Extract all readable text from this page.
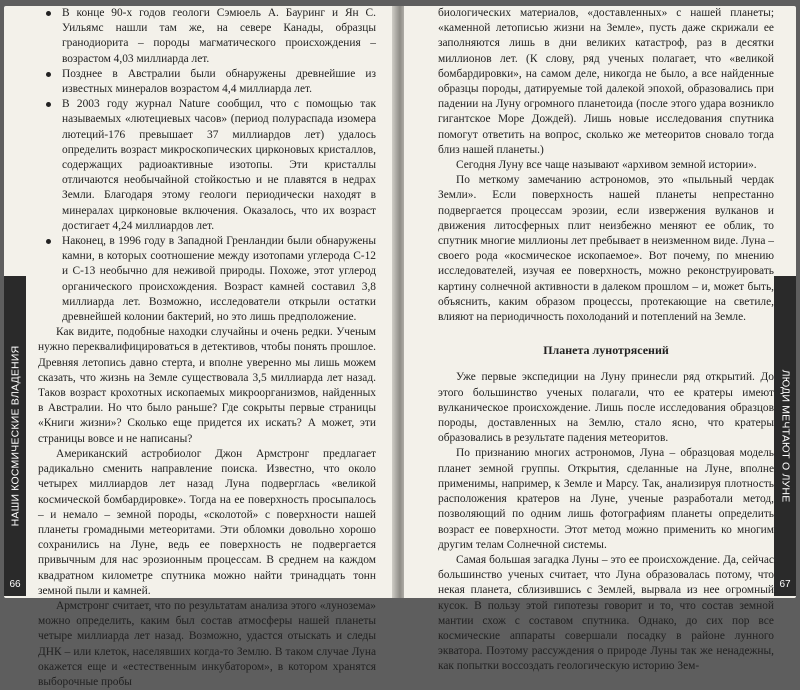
В конце 90-х годов геологи Сэмюель А. Бауринг и Ян С. Уильямс нашли там же, на севере Канады, образцы гранодиорита – породы магматического происхождения – возрастом 4,03 миллиарда лет.
Позднее в Австралии были обнаружены древнейшие из известных минералов возрастом 4,4 миллиарда лет.
В 2003 году журнал Nature сообщил, что с помощью так называемых «лютециевых часов» (период полураспада изомера лютеций-176 превышает 37 миллиардов лет) удалось определить возраст микроскопических цирконовых кристаллов, содержащих радиоактивные изотопы. Эти кристаллы отличаются необычайной стойкостью и не плавятся в недрах Земли. Благодаря этому геологи периодически находят в минералах цирконовые включения. Оказалось, что их возраст достигает 4,24 миллиардов лет.
Наконец, в 1996 году в Западной Гренландии были обнаружены камни, в которых соотношение между изотопами углерода С-12 и С-13 необычно для неживой природы. Похоже, этот углерод органического происхождения. Возраст камней составил 3,8 миллиарда лет. Возможно, исследователи открыли остатки древнейшей колонии бактерий, но это лишь предположение.

Как видите, подобные находки случайны и очень редки. Ученым нужно переквалифицироваться в детективов, чтобы понять прошлое. Древняя летопись давно стерта, и вполне уверенно мы лишь можем сказать, что жизнь на Земле существовала 3,5 миллиарда лет назад. Таков возраст крохотных ископаемых микроорганизмов, найденных в Австралии. Но что было раньше? Где сокрыты первые страницы «Книги жизни»? Сколько еще придется их искать? А может, эти страницы вовсе и не написаны?

Американский астробиолог Джон Армстронг предлагает радикально сменить направление поиска. Известно, что около четырех миллиардов лет назад Луна подверглась «великой космической бомбардировке». Тогда на ее поверхность просыпалось – и немало – земной породы, «сколотой» с поверхности нашей планеты громадными метеоритами. Эти обломки довольно хорошо сохранились на Луне, ведь ее поверхность не подвергается привычным для нас эрозионным процессам. В среднем на каждом квадратном километре спутника можно найти тринадцать тонн земной пыли и камней.

Армстронг считает, что по результатам анализа этого «лунозема» можно определить, каким был состав атмосферы нашей планеты четыре миллиарда лет назад. Возможно, удастся отыскать и следы ДНК – или клеток, населявших когда-то Землю. В таком случае Луна окажется еще и «естественным инкубатором», в котором хранятся выборочные пробы

НАШИ КОСМИЧЕСКИЕ ВЛАДЕНИЯ
66

биологических материалов, «доставленных» с нашей планеты; «каменной летописью жизни на Земле», пусть даже скрижали ее заполняются лишь в дни великих катастроф, раз в десятки миллионов лет. (К слову, ряд ученых полагает, что «великой бомбардировки», на самом деле, никогда не было, а все найденные образцы породы, датируемые той далекой эпохой, образовались при падении на Луну огромного планетоида (после этого удара возникло гигантское Море Дождей). Лишь новые исследования спутника помогут ответить на вопрос, сколько же метеоритов сновало тогда близ нашей планеты.)

Сегодня Луну все чаще называют «архивом земной истории».

По меткому замечанию астрономов, это «пыльный чердак Земли». Если поверхность нашей планеты непрестанно подвергается процессам эрозии, если извержения вулканов и движения литосферных плит неизбежно меняют ее облик, то спутник многие миллионы лет пребывает в неизменном виде. Луна – своего рода «космическое ископаемое». Вот почему, по мнению исследователей, изучая ее поверхность, можно реконструировать картину солнечной активности в далеком прошлом – и, может быть, объяснить, каким образом процессы, протекающие на светиле, влияют на периодичность похолоданий и потеплений на Земле.

Планета лунотрясений

Уже первые экспедиции на Луну принесли ряд открытий. До этого большинство ученых полагали, что ее кратеры имеют вулканическое происхождение. Лишь после исследования образцов породы, доставленных на Землю, стало ясно, что кратеры образовались в результате падения метеоритов.

По признанию многих астрономов, Луна – образцовая модель планет земной группы. Открытия, сделанные на Луне, вполне применимы, например, к Земле и Марсу. Так, анализируя плотность расположения кратеров на Луне, ученые разработали метод, позволяющий по одним лишь фотографиям планеты определить возраст ее поверхности. Этот метод можно применить ко многим другим телам Солнечной системы.

Самая большая загадка Луны – это ее происхождение. Да, сейчас большинство ученых считает, что Луна образовалась потому, что некая планета, сблизившись с Землей, вырвала из нее огромный кусок. В пользу этой гипотезы говорит и то, что состав земной мантии схож с составом спутника. Однако, до сих пор все космические аппараты совершали посадку в районе лунного экватора. Поэтому рассуждения о природе Луны так же ненадежны, как попытки воссоздать геологическую историю Зем-

ЛЮДИ МЕЧТАЮТ О ЛУНЕ
67
